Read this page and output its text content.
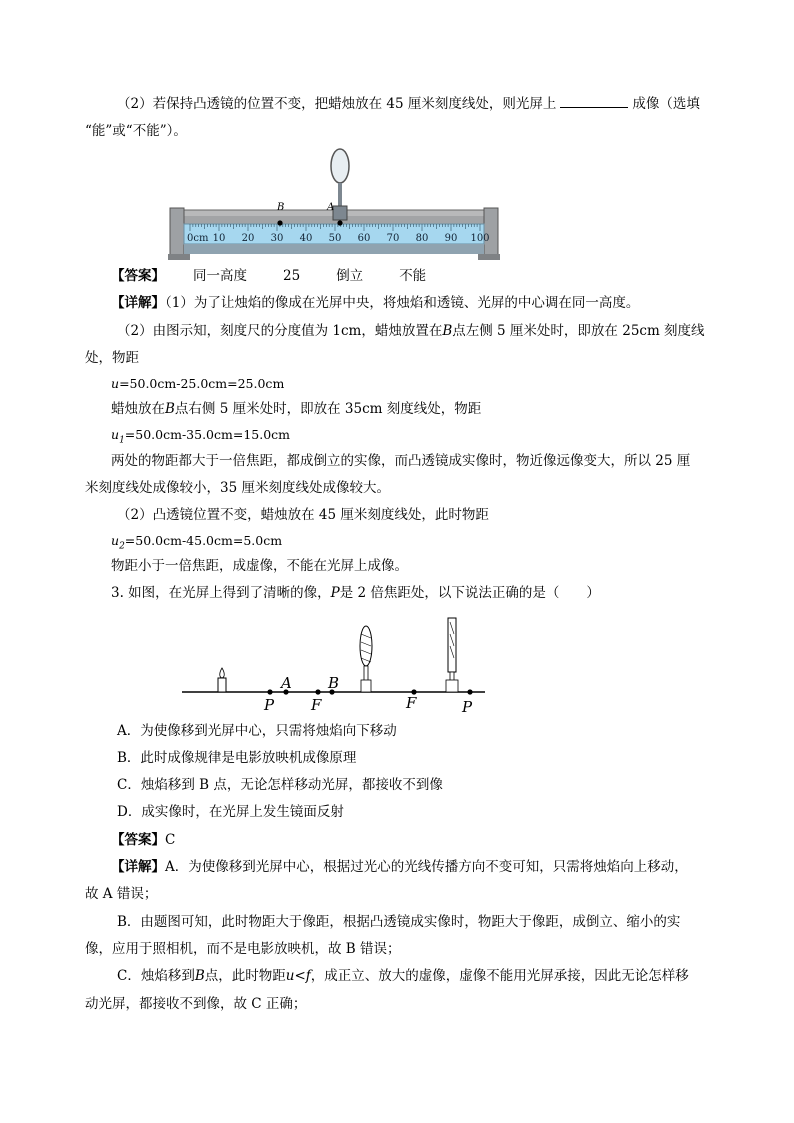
（2）若保持凸透镜的位置不变，把蜡烛放在 45 厘米刻度线处，则光屏上	成像（选填
“能”或“不能”）。
0cm 10 20 30 40 50 60 70 80 90 100
B	A
【答案】 同一高度	25	倒立	不能
【详解】（1）为了让烛焰的像成在光屏中央，将烛焰和透镜、光屏的中心调在同一高度。
（2）由图示知，刻度尺的分度值为 1cm，蜡烛放置在B点左侧 5 厘米处时，即放在 25cm 刻度线
处，物距
u=50.0cm-25.0cm=25.0cm
蜡烛放在B点右侧 5 厘米处时，即放在 35cm 刻度线处，物距
$u_1=50.0cm-35.0cm=15.0cm$
两处的物距都大于一倍焦距，都成倒立的实像，而凸透镜成实像时，物近像远像变大，所以 25 厘
米刻度线处成像较小，35 厘米刻度线处成像较大。
（2）凸透镜位置不变，蜡烛放在 45 厘米刻度线处，此时物距
$u_2=50.0cm-45.0cm=5.0cm$
物距小于一倍焦距，成虚像，不能在光屏上成像。
3. 如图，在光屏上得到了清晰的像，P是 2 倍焦距处，以下说法正确的是（　　）
P
A
F
B
F	P
A．为使像移到光屏中心，只需将烛焰向下移动
B．此时成像规律是电影放映机成像原理
C．烛焰移到 B 点，无论怎样移动光屏，都接收不到像
D．成实像时，在光屏上发生镜面反射
【答案】C
【详解】A．为使像移到光屏中心，根据过光心的光线传播方向不变可知，只需将烛焰向上移动，
故 A 错误；
B．由题图可知，此时物距大于像距，根据凸透镜成实像时，物距大于像距，成倒立、缩小的实
像，应用于照相机，而不是电影放映机，故 B 错误；
C．烛焰移到B点，此时物距u<f，成正立、放大的虚像，虚像不能用光屏承接，因此无论怎样移
动光屏，都接收不到像，故 C 正确；
